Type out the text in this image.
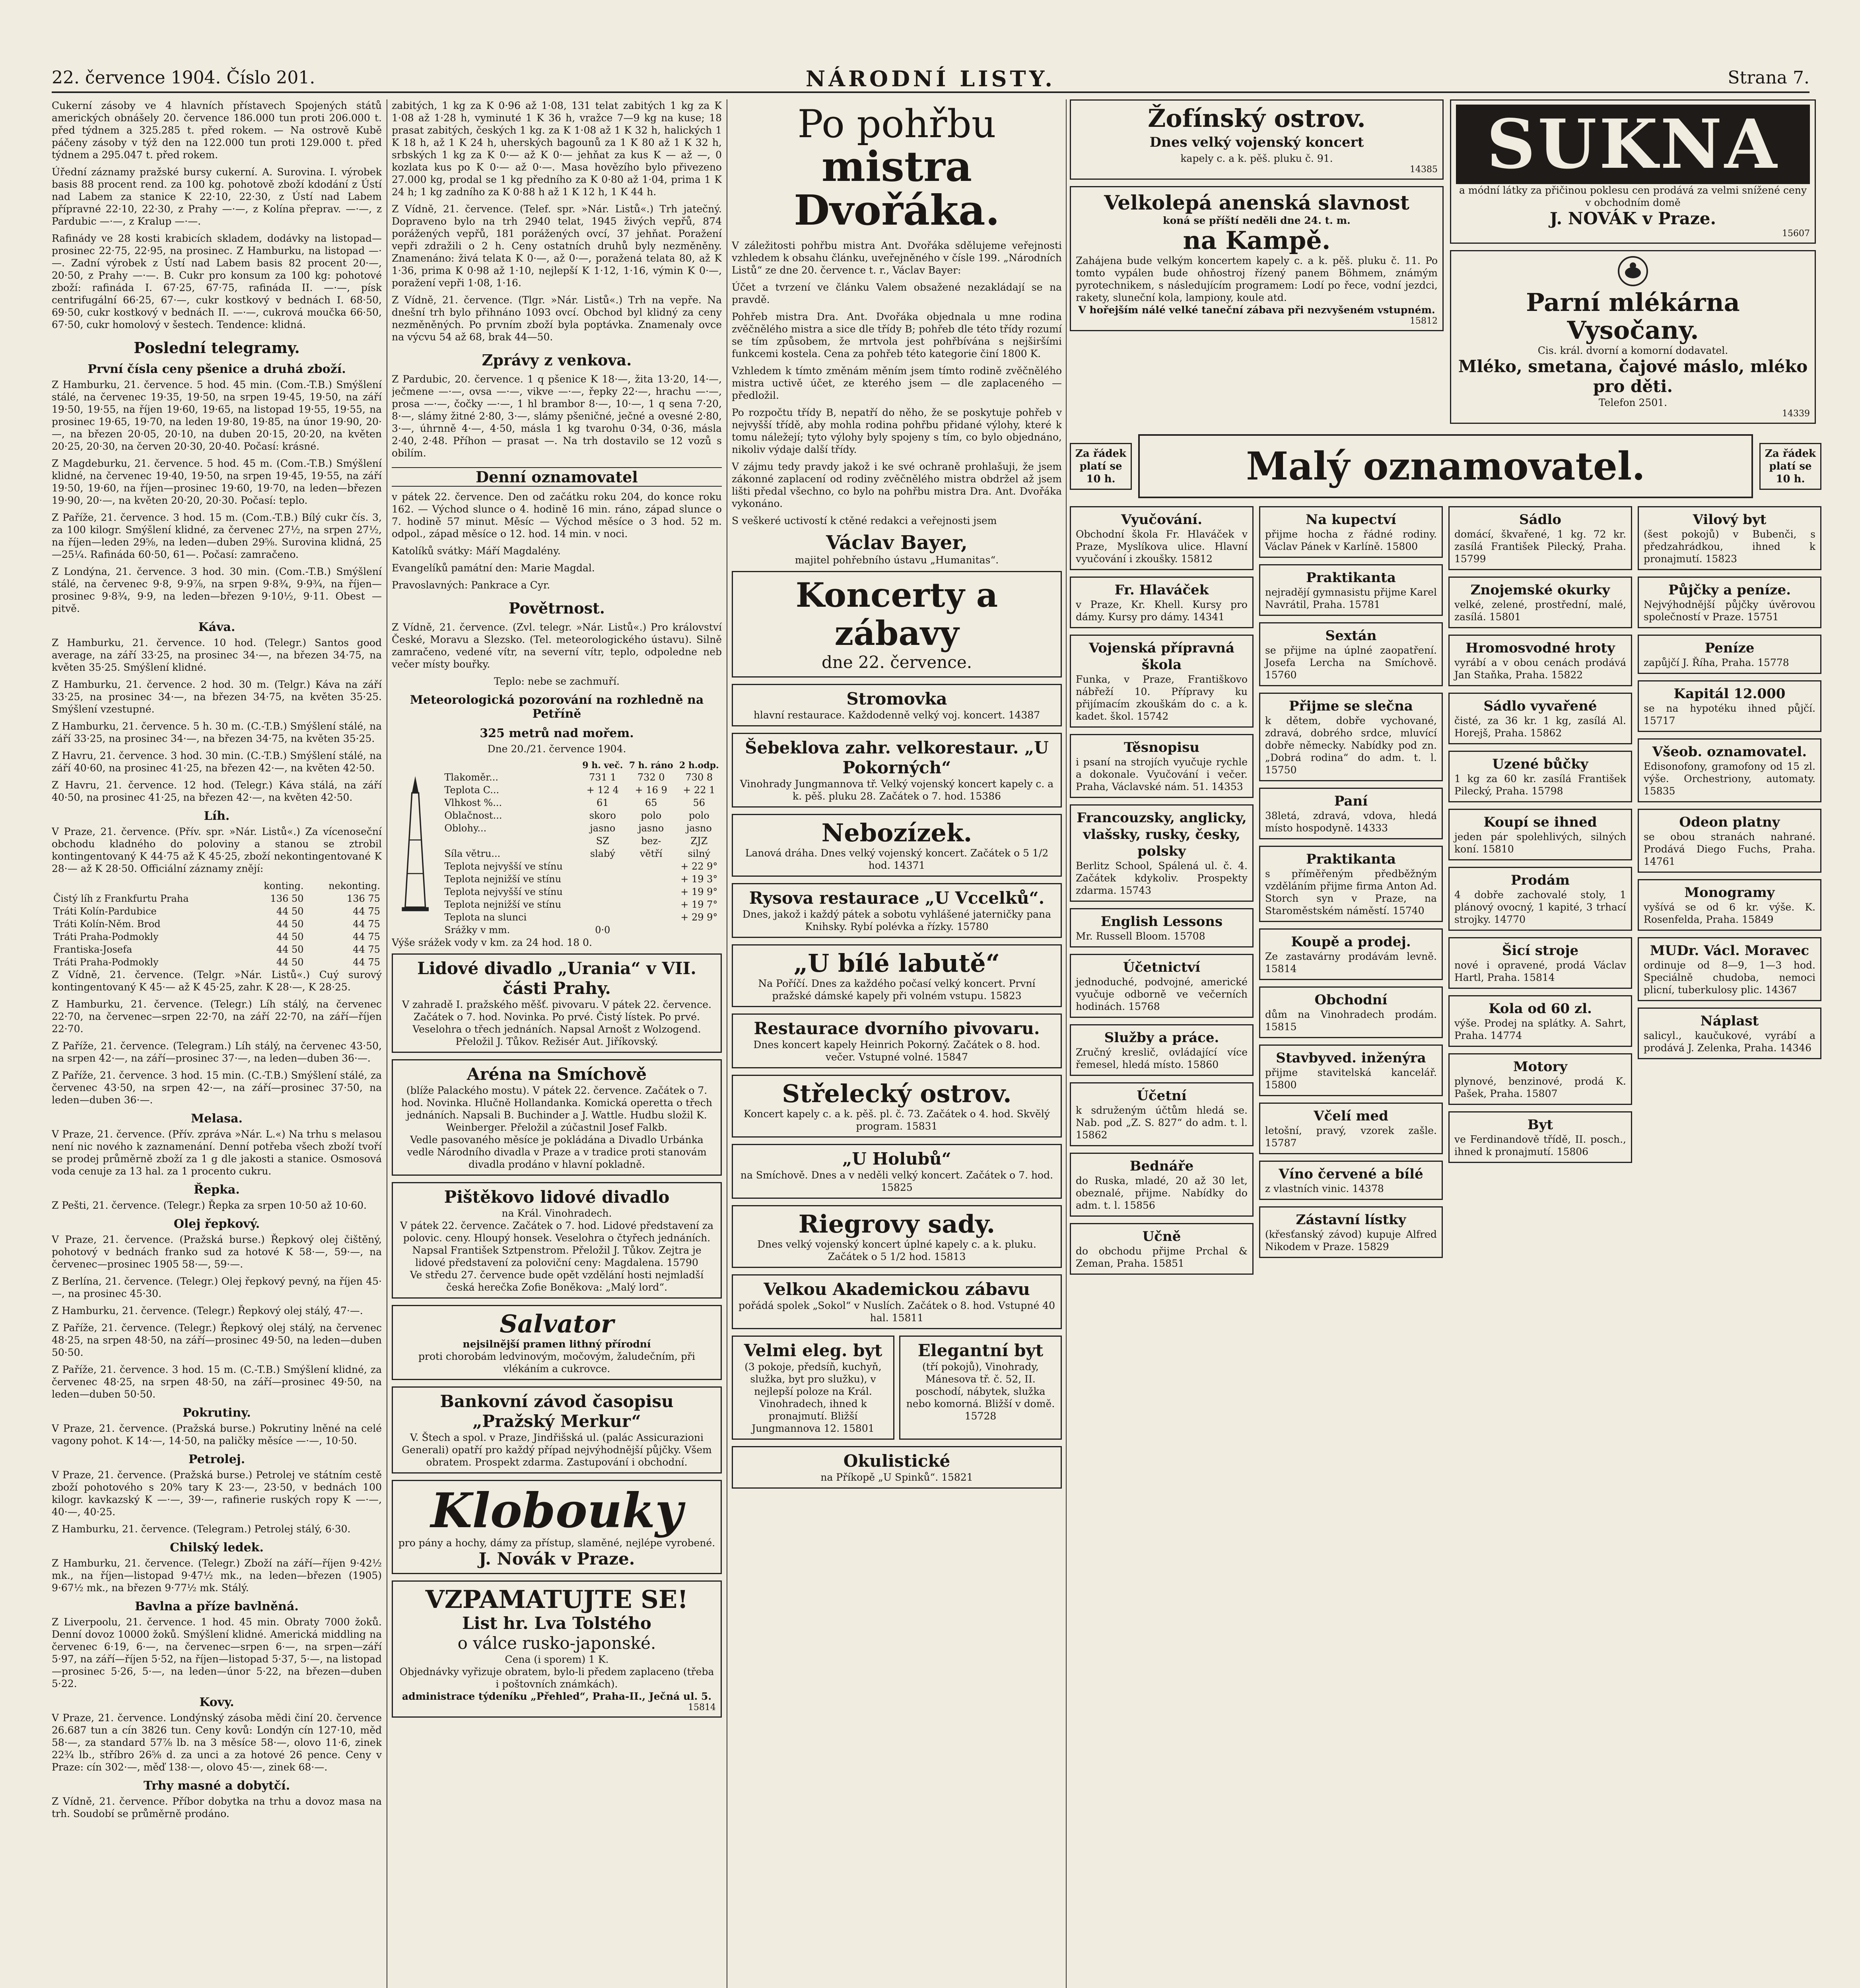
22. července 1904. Číslo 201.	NÁRODNÍ LISTY.	Strana 7.

Cukerní zásoby ve 4 hlavních přístavech Spojených států amerických obnášely 20. července 186.000 tun proti 206.000 t. před týdnem a 325.285 t. před rokem. — Na ostrově Kubě páčeny zásoby v týž den na 122.000 tun proti 129.000 t. před týdnem a 295.047 t. před rokem.

Úřední záznamy pražské bursy cukerní. A. Surovina. I. výrobek basis 88 procent rend. za 100 kg. pohotově zboží kdodání z Ústí nad Labem za stanice K 22·10, 22·30, z Ústí nad Labem přípravné 22·10, 22·30, z Prahy —·—, z Kolína přeprav. —·—, z Pardubic —·—, z Kralup —·—.

Rafinády ve 28 kosti krabicích skladem, dodávky na listopad—prosinec 22·75, 22·95, na prosinec. Z Hamburku, na listopad —·—. Zadní výrobek z Ústí nad Labem basis 82 procent 20·—, 20·50, z Prahy —·—. B. Cukr pro konsum za 100 kg: pohotové zboží: rafináda I. 67·25, 67·75, rafináda II. —·—, písk centrifugální 66·25, 67·—, cukr kostkový v bednách I. 68·50, 69·50, cukr kostkový v bednách II. —·—, cukrová moučka 66·50, 67·50, cukr homolový v šestech. Tendence: klidná.

Poslední telegramy.
První čísla ceny pšenice a druhá zboží.

Z Hamburku, 21. července. 5 hod. 45 min. (Com.-T.B.) Smýšlení stálé, na červenec 19·35, 19·50, na srpen 19·45, 19·50, na září 19·50, 19·55, na říjen 19·60, 19·65, na listopad 19·55, 19·55, na prosinec 19·65, 19·70, na leden 19·80, 19·85, na únor 19·90, 20·—, na březen 20·05, 20·10, na duben 20·15, 20·20, na květen 20·25, 20·30, na červen 20·30, 20·40. Počasí: krásné.

Z Magdeburku, 21. července. 5 hod. 45 m. (Com.-T.B.) Smýšlení klidné, na červenec 19·40, 19·50, na srpen 19·45, 19·55, na září 19·50, 19·60, na říjen—prosinec 19·60, 19·70, na leden—březen 19·90, 20·—, na květen 20·20, 20·30. Počasí: teplo.

Z Paříže, 21. července. 3 hod. 15 m. (Com.-T.B.) Bílý cukr čís. 3, za 100 kilogr. Smýšlení klidné, za červenec 27½, na srpen 27½, na říjen—leden 29⅝, na leden—duben 29⅝. Surovina klidná, 25—25¼. Rafináda 60·50, 61—. Počasí: zamračeno.

Z Londýna, 21. července. 3 hod. 30 min. (Com.-T.B.) Smýšlení stálé, na červenec 9·8, 9·9⅞, na srpen 9·8¾, 9·9¾, na říjen—prosinec 9·8¾, 9·9, na leden—březen 9·10½, 9·11. Obest — pitvě.

Káva.

Z Hamburku, 21. července. 10 hod. (Telegr.) Santos good average, na září 33·25, na prosinec 34·—, na březen 34·75, na květen 35·25. Smýšlení klidné.

Z Hamburku, 21. července. 2 hod. 30 m. (Telgr.) Káva na září 33·25, na prosinec 34·—, na březen 34·75, na květen 35·25. Smýšlení vzestupné.

Z Hamburku, 21. července. 5 h. 30 m. (C.-T.B.) Smýšlení stálé, na září 33·25, na prosinec 34·—, na březen 34·75, na květen 35·25.

Z Havru, 21. července. 3 hod. 30 min. (C.-T.B.) Smýšlení stálé, na září 40·60, na prosinec 41·25, na březen 42·—, na květen 42·50.

Z Havru, 21. července. 12 hod. (Telegr.) Káva stálá, na září 40·50, na prosinec 41·25, na březen 42·—, na květen 42·50.

Líh.

V Praze, 21. července. (Přív. spr. »Nár. Listů«.) Za vícenoseční obchodu kladného do poloviny a stanou se ztrobil kontingentovaný K 44·75 až K 45·25, zboží nekontingentované K 28·— až K 28·50. Officiální záznamy znějí:

	konting.	nekonting.
Čistý líh z Frankfurtu Praha	136 50	136 75
Tráti Kolín-Pardubice	44 50	44 75
Tráti Kolín-Něm. Brod	44 50	44 75
Tráti Praha-Podmokly	44 50	44 75
Frantiska-Josefa	44 50	44 75
Tráti Praha-Podmokly	44 50	44 75

Z Vídně, 21. července. (Telgr. »Nár. Listů«.) Cuý surový kontingentovaný K 45·— až K 45·25, zahr. K 28·—, K 28·25.

Z Hamburku, 21. července. (Telegr.) Líh stálý, na červenec 22·70, na červenec—srpen 22·70, na září 22·70, na září—říjen 22·70.

Z Paříže, 21. července. (Telegram.) Líh stálý, na červenec 43·50, na srpen 42·—, na září—prosinec 37·—, na leden—duben 36·—.

Z Paříže, 21. července. 3 hod. 15 min. (C.-T.B.) Smýšlení stálé, za červenec 43·50, na srpen 42·—, na září—prosinec 37·50, na leden—duben 36·—.

Melasa.

V Praze, 21. července. (Přív. zpráva »Nár. L.«) Na trhu s melasou není nic nového k zaznamenání. Denní potřeba všech zboží tvoří se prodej průměrně zboží za 1 g dle jakosti a stanice. Osmosová voda cenuje za 13 hal. za 1 procento cukru.

Řepka.

Z Pešti, 21. července. (Telegr.) Řepka za srpen 10·50 až 10·60.

Olej řepkový.

V Praze, 21. července. (Pražská burse.) Řepkový olej čištěný, pohotový v bednách franko sud za hotové K 58·—, 59·—, na červenec—prosinec 1905 58·—, 59·—.

Z Berlína, 21. července. (Telegr.) Olej řepkový pevný, na říjen 45·—, na prosinec 45·30.

Z Hamburku, 21. července. (Telegr.) Řepkový olej stálý, 47·—.

Z Paříže, 21. července. (Telegr.) Řepkový olej stálý, na červenec 48·25, na srpen 48·50, na září—prosinec 49·50, na leden—duben 50·50.

Z Paříže, 21. července. 3 hod. 15 m. (C.-T.B.) Smýšlení klidné, za červenec 48·25, na srpen 48·50, na září—prosinec 49·50, na leden—duben 50·50.

Pokrutiny.

V Praze, 21. července. (Pražská burse.) Pokrutiny lněné na celé vagony pohot. K 14·—, 14·50, na paličky měsíce —·—, 10·50.

Petrolej.

V Praze, 21. července. (Pražská burse.) Petrolej ve státním cestě zboží pohotového s 20% tary K 23·—, 23·50, v bednách 100 kilogr. kavkazský K —·—, 39·—, rafinerie ruských ropy K —·—, 40·—, 40·25.

Z Hamburku, 21. července. (Telegram.) Petrolej stálý, 6·30.

Chilský ledek.

Z Hamburku, 21. července. (Telegr.) Zboží na září—říjen 9·42½ mk., na říjen—listopad 9·47½ mk., na leden—březen (1905) 9·67½ mk., na březen 9·77½ mk. Stálý.

Bavlna a příze bavlněná.

Z Liverpoolu, 21. července. 1 hod. 45 min. Obraty 7000 žoků. Denní dovoz 10000 žoků. Smýšlení klidné. Americká middling na červenec 6·19, 6·—, na červenec—srpen 6·—, na srpen—září 5·97, na září—říjen 5·52, na říjen—listopad 5·37, 5·—, na listopad—prosinec 5·26, 5·—, na leden—únor 5·22, na březen—duben 5·22.

Kovy.

V Praze, 21. července. Londýnský zásoba mědi činí 20. července 26.687 tun a cín 3826 tun. Ceny kovů: Londýn cín 127·10, měď 58·—, za standard 57⅞ lb. na 3 měsíce 58·—, olovo 11·6, zinek 22¾ lb., stříbro 26⅝ d. za unci a za hotové 26 pence. Ceny v Praze: cín 302·—, měď 138·—, olovo 45·—, zinek 68·—.

Trhy masné a dobytčí.

Z Vídně, 21. července. Příbor dobytka na trhu a dovoz masa na trh. Soudobí se průměrně prodáno.

zabitých, 1 kg za K 0·96 až 1·08, 131 telat zabitých 1 kg za K 1·08 až 1·28 h, vyminuté 1 K 36 h, vražce 7—9 kg na kuse; 18 prasat zabitých, českých 1 kg. za K 1·08 až 1 K 32 h, halických 1 K 18 h, až 1 K 24 h, uherských bagounů za 1 K 80 až 1 K 32 h, srbských 1 kg za K 0·— až K 0·— jehňat za kus K — až —, 0 kozlata kus po K 0·— až 0·—. Masa hovězího bylo přivezeno 27.000 kg, prodal se 1 kg předního za K 0·80 až 1·04, prima 1 K 24 h; 1 kg zadního za K 0·88 h až 1 K 12 h, 1 K 44 h.

Z Vídně, 21. července. (Telef. spr. »Nár. Listů«.) Trh jatečný. Dopraveno bylo na trh 2940 telat, 1945 živých vepřů, 874 porážených vepřů, 181 porážených ovcí, 37 jehňat. Poražení vepři zdražili o 2 h. Ceny ostatních druhů byly nezměněny. Znamenáno: živá telata K 0·—, až 0·—, poražená telata 80, až K 1·36, prima K 0·98 až 1·10, nejlepší K 1·12, 1·16, výmin K 0·—, poražení vepři 1·08, 1·16.

Z Vídně, 21. července. (Tlgr. »Nár. Listů«.) Trh na vepře. Na dnešní trh bylo přihnáno 1093 ovcí. Obchod byl klidný za ceny nezměněných. Po prvním zboží byla poptávka. Znamenaly ovce na výcvu 54 až 68, brak 44—50.

Zprávy z venkova.

Z Pardubic, 20. července. 1 q pšenice K 18·—, žita 13·20, 14·—, ječmene —·—, ovsa —·—, vikve —·—, řepky 22·—, hrachu —·—, prosa —·—, čočky —·—, 1 hl brambor 8·—, 10·—, 1 q sena 7·20, 8·—, slámy žitné 2·80, 3·—, slámy pšeničné, ječné a ovesné 2·80, 3·—, úhrnně 4·—, 4·50, másla 1 kg tvarohu 0·34, 0·36, másla 2·40, 2·48. Příhon — prasat —. Na trh dostavilo se 12 vozů s obilím.

Denní oznamovatel

v pátek 22. července. Den od začátku roku 204, do konce roku 162. — Východ slunce o 4. hodině 16 min. ráno, západ slunce o 7. hodině 57 minut. Měsíc — Východ měsíce o 3 hod. 52 m. odpol., západ měsíce o 12. hod. 14 min. v noci.

Katolíků svátky: Máří Magdalény.

Evangelíků památní den: Marie Magdal.

Pravoslavných: Pankrace a Cyr.

Povětrnost.

Z Vídně, 21. července. (Zvl. telegr. »Nár. Listů«.) Pro království České, Moravu a Slezsko. (Tel. meteorologického ústavu). Silně zamračeno, vedené vítr, na severní vítr, teplo, odpoledne neb večer místy bouřky.

Teplo: nebe se zachmuří.

Meteorologická pozorování na rozhledně na Petříně
325 metrů nad mořem.

Dne 20./21. července 1904.

	9 h. več.	7 h. ráno	2 h.odp.
Tlakoměr...	731 1	732 0	730 8
Teplota C...	+ 12 4	+ 16 9	+ 22 1
Vlhkost %...	61	65	56
Oblačnost...	skoro	polo	polo
Oblohy...	jasno	jasno	jasno
	SZ	bez-	ZJZ
Síla větru...	slabý	větří	silný
Teplota nejvyšší ve stínu			+ 22 9°
Teplota nejnižší ve stínu			+ 19 3°
Teplota nejvyšší ve stínu			+ 19 9°
Teplota nejnižší ve stínu			+ 19 7°
Teplota na slunci			+ 29 9°
Srážky v mm.	0·0		

Výše srážek vody v km. za 24 hod. 18 0.

Lidové divadlo „Urania“ v VII. části Prahy.
V zahradě I. pražského měšť. pivovaru. V pátek 22. července. Začátek o 7. hod. Novinka. Po prvé. Čistý lístek. Po prvé. Veselohra o třech jednáních. Napsal Arnošt z Wolzogend. Přeložil J. Tůkov. Režisér Aut. Jiříkovský.
Aréna na Smíchově
(blíže Palackého mostu). V pátek 22. července. Začátek o 7. hod. Novinka. Hlučně Hollandanka. Komická operetta o třech jednáních. Napsali B. Buchinder a J. Wattle. Hudbu složil K. Weinberger. Přeložil a zúčastnil Josef Falkb.
Vedle pasovaného měsíce je pokládána a Divadlo Urbánka vedle Národního divadla v Praze a v tradice proti stanovám divadla prodáno v hlavní pokladně.
Pištěkovo lidové divadlo
na Král. Vinohradech.
V pátek 22. července. Začátek o 7. hod. Lidové představení za polovic. ceny. Hloupý honsek. Veselohra o čtyřech jednáních. Napsal František Sztpenstrom. Přeložil J. Tůkov. Zejtra je lidové představení za poloviční ceny: Magdalena. 15790
Ve středu 27. července bude opět vzdělání hosti nejmladší česká herečka Zofie Boněkova: „Malý lord“.
Salvator
nejsilnější pramen lithný přírodní
proti chorobám ledvinovým, močovým, žaludečním, při vlékáním a cukrovce.
Bankovní závod časopisu „Pražský Merkur“
V. Štech a spol. v Praze, Jindřišská ul. (palác Assicurazioni Generali) opatří pro každý případ nejvýhodnější půjčky. Všem obratem. Prospekt zdarma. Zastupování i obchodní.
Klobouky
pro pány a hochy, dámy za přístup, slaměné, nejlépe vyrobené.
J. Novák v Praze.
VZPAMATUJTE SE!
List hr. Lva Tolstého
o válce rusko-japonské.
Cena (i sporem) 1 K.
Objednávky vyřizuje obratem, bylo-li předem zaplaceno (třeba i poštovních známkách).
administrace týdeníku „Přehled“, Praha-II., Ječná ul. 5.
15814
Po pohřbu
mistra Dvořáka.

V záležitosti pohřbu mistra Ant. Dvořáka sdělujeme veřejnosti vzhledem k obsahu článku, uveřejněného v čísle 199. „Národních Listů“ ze dne 20. července t. r., Václav Bayer:

Účet a tvrzení ve článku Valem obsažené nezakládají se na pravdě.

Pohřeb mistra Dra. Ant. Dvořáka objednala u mne rodina zvěčnělého mistra a sice dle třídy B; pohřeb dle této třídy rozumí se tím způsobem, že mrtvola jest pohřbívána s nejširšími funkcemi kostela. Cena za pohřeb této kategorie činí 1800 K.

Vzhledem k tímto změnám měním jsem tímto rodině zvěčnělého mistra uctivě účet, ze kterého jsem — dle zaplaceného — předložil.

Po rozpočtu třídy B, nepatří do něho, že se poskytuje pohřeb v nejvyšší třídě, aby mohla rodina pohřbu přidané výlohy, které k tomu náležejí; tyto výlohy byly spojeny s tím, co bylo objednáno, nikoliv výdaje další třídy.

V zájmu tedy pravdy jakož i ke své ochraně prohlašuji, že jsem zákonné zaplacení od rodiny zvěčnělého mistra obdržel až jsem lišti předal všechno, co bylo na pohřbu mistra Dra. Ant. Dvořáka vykonáno.

S veškeré uctivostí k ctěné redakci a veřejnosti jsem

Václav Bayer,

majitel pohřebního ústavu „Humanitas“.

Koncerty a zábavy
dne 22. července.
Stromovka
hlavní restaurace. Každodenně velký voj. koncert. 14387
Šebeklova zahr. velkorestaur. „U Pokorných“
Vinohrady Jungmannova tř. Velký vojenský koncert kapely c. a k. pěš. pluku 28. Začátek o 7. hod. 15386
Nebozízek.
Lanová dráha. Dnes velký vojenský koncert. Začátek o 5 1/2 hod. 14371
Rysova restaurace „U Vccelků“.
Dnes, jakož i každý pátek a sobotu vyhlášené jaterničky pana Knihsky. Rybí polévka a řízky. 15780
„U bílé labutě“
Na Poříčí. Dnes za každého počasí velký koncert. První pražské dámské kapely při volném vstupu. 15823
Restaurace dvorního pivovaru.
Dnes koncert kapely Heinrich Pokorný. Začátek o 8. hod. večer. Vstupné volné. 15847
Střelecký ostrov.
Koncert kapely c. a k. pěš. pl. č. 73. Začátek o 4. hod. Skvělý program. 15831
„U Holubů“
na Smíchově. Dnes a v neděli velký koncert. Začátek o 7. hod. 15825
Riegrovy sady.
Dnes velký vojenský koncert úplné kapely c. a k. pluku. Začátek o 5 1/2 hod. 15813
Velkou Akademickou zábavu
pořádá spolek „Sokol“ v Nuslích. Začátek o 8. hod. Vstupné 40 hal. 15811
Velmi eleg. byt
(3 pokoje, předsíň, kuchyň, služka, byt pro služku), v nejlepší poloze na Král. Vinohradech, ihned k pronajmutí. Bližší Jungmannova 12. 15801
Elegantní byt
(tří pokojů), Vinohrady, Mánesova tř. č. 52, II. poschodí, nábytek, služka nebo komorná. Bližší v domě. 15728
Okulistické
na Příkopě „U Spinků“. 15821
Žofínský ostrov.
Dnes velký vojenský koncert
kapely c. a k. pěš. pluku č. 91.
14385
Velkolepá anenská slavnost
koná se příští neděli dne 24. t. m.
na Kampě.
Zahájena bude velkým koncertem kapely c. a k. pěš. pluku č. 11. Po tomto vypálen bude ohňostroj řízený panem Böhmem, známým pyrotechnikem, s následujícím programem: Lodí po řece, vodní jezdci, rakety, sluneční kola, lampiony, koule atd.
V hořejším nálé velké taneční zábava při nezvyšeném vstupném.
15812
SUKNA
a módní látky za přičinou poklesu cen prodává za velmi snížené ceny v obchodním domě
J. NOVÁK v Praze.
15607
Parní mlékárna
Vysočany.
Cis. král. dvorní a komorní dodavatel.
Mléko, smetana, čajové máslo, mléko pro děti.
Telefon 2501.
14339
Za řádek platí se 10 h.	Malý oznamovatel.	Za řádek platí se 10 h.
Vyučování.
Obchodní škola Fr. Hlaváček v Praze, Myslíkova ulice. Hlavní vyučování i zkoušky. 15812
Fr. Hlaváček
v Praze, Kr. Khell. Kursy pro dámy. Kursy pro dámy. 14341
Vojenská přípravná škola
Funka, v Praze, Františkovo nábřeží 10. Přípravy ku přijímacím zkouškám do c. a k. kadet. škol. 15742
Těsnopisu
i psaní na strojích vyučuje rychle a dokonale. Vyučování i večer. Praha, Václavské nám. 51. 14353
Francouzsky, anglicky, vlašsky, rusky, česky, polsky
Berlitz School, Spálená ul. č. 4. Začátek kdykoliv. Prospekty zdarma. 15743
English Lessons
Mr. Russell Bloom. 15708
Účetnictví
jednoduché, podvojné, americké vyučuje odborně ve večerních hodinách. 15768
Služby a práce.
Zručný kreslič, ovládající více řemesel, hledá místo. 15860
Účetní
k sdruženým účtům hledá se. Nab. pod „Z. S. 827“ do adm. t. l. 15862
Bednáře
do Ruska, mladé, 20 až 30 let, obeznalé, přijme. Nabídky do adm. t. l. 15856
Učně
do obchodu přijme Prchal & Zeman, Praha. 15851
Na kupectví
přijme hocha z řádné rodiny. Václav Pánek v Karlíně. 15800
Praktikanta
nejradějí gymnasistu přijme Karel Navrátil, Praha. 15781
Sextán
se přijme na úplné zaopatření. Josefa Lercha na Smíchově. 15760
Přijme se slečna
k dětem, dobře vychované, zdravá, dobrého srdce, mluvící dobře německy. Nabídky pod zn. „Dobrá rodina“ do adm. t. l. 15750
Paní
38letá, zdravá, vdova, hledá místo hospodyně. 14333
Praktikanta
s příměřeným předběžným vzděláním přijme firma Anton Ad. Storch syn v Praze, na Staroměstském náměstí. 15740
Koupě a prodej.
Ze zastavárny prodávám levně. 15814
Obchodní
dům na Vinohradech prodám. 15815
Stavbyved. inženýra
přijme stavitelská kancelář. 15800
Včelí med
letošní, pravý, vzorek zašle. 15787
Víno červené a bílé
z vlastních vinic. 14378
Zástavní lístky
(křesťanský závod) kupuje Alfred Nikodem v Praze. 15829
Sádlo
domácí, škvařené, 1 kg. 72 kr. zasílá František Pilecký, Praha. 15799
Znojemské okurky
velké, zelené, prostřední, malé, zasílá. 15801
Hromosvodné hroty
vyrábí a v obou cenách prodává Jan Staňka, Praha. 15822
Sádlo vyvařené
čisté, za 36 kr. 1 kg, zasílá Al. Horejš, Praha. 15862
Uzené bůčky
1 kg za 60 kr. zasílá František Pilecký, Praha. 15798
Koupí se ihned
jeden pár spolehlivých, silných koní. 15810
Prodám
4 dobře zachovalé stoly, 1 plánový ovocný, 1 kapité, 3 trhací strojky. 14770
Šicí stroje
nové i opravené, prodá Václav Hartl, Praha. 15814
Kola od 60 zl.
výše. Prodej na splátky. A. Sahrt, Praha. 14774
Motory
plynové, benzinové, prodá K. Pašek, Praha. 15807
Byt
ve Ferdinandově třídě, II. posch., ihned k pronajmutí. 15806
Vilový byt
(šest pokojů) v Bubenči, s předzahrádkou, ihned k pronajmutí. 15823
Půjčky a peníze.
Nejvýhodnější půjčky úvěrovou společností v Praze. 15751
Peníze
zapůjčí J. Říha, Praha. 15778
Kapitál 12.000
se na hypotéku ihned půjčí. 15717
Všeob. oznamovatel.
Edisonofony, gramofony od 15 zl. výše. Orchestriony, automaty. 15835
Odeon platny
se obou stranách nahrané. Prodává Diego Fuchs, Praha. 14761
Monogramy
vyšívá se od 6 kr. výše. K. Rosenfelda, Praha. 15849
MUDr. Václ. Moravec
ordinuje od 8—9, 1—3 hod. Speciálně chudoba, nemoci plicní, tuberkulosy plic. 14367
Náplast
salicyl., kaučukové, vyrábí a prodává J. Zelenka, Praha. 14346
